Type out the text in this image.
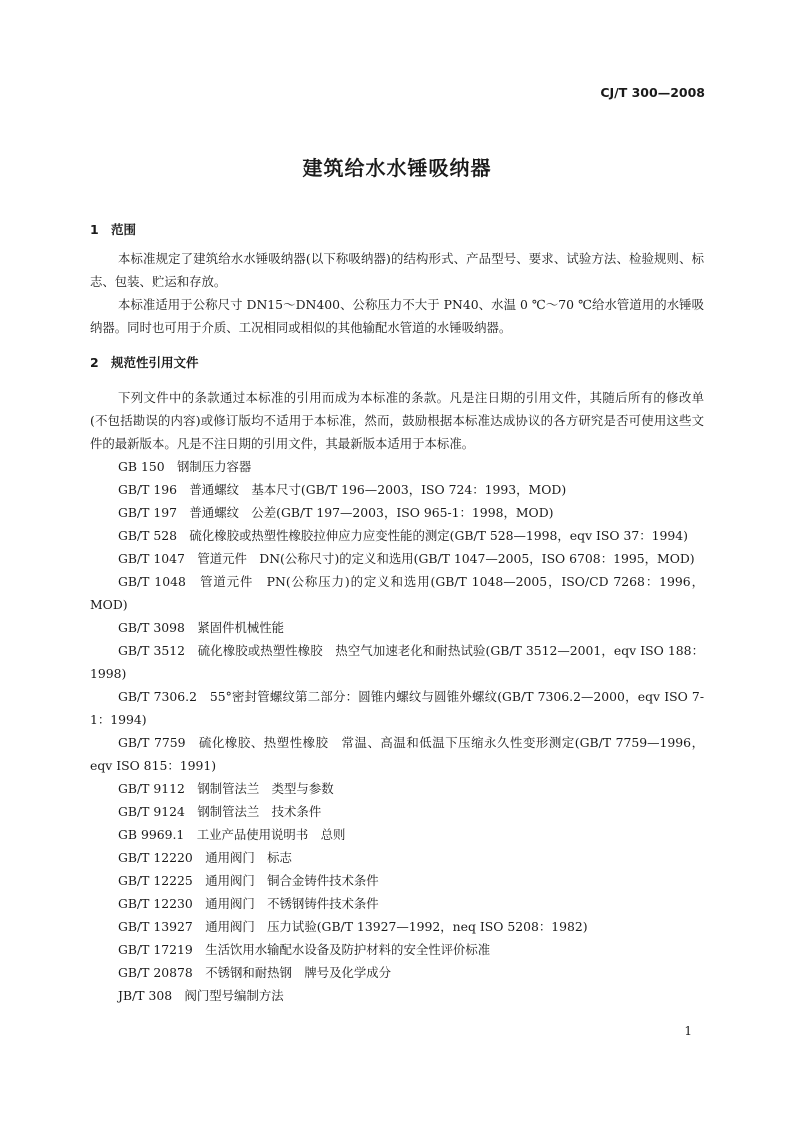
CJ/T 300—2008
建筑给水水锤吸纳器
1 范围

本标准规定了建筑给水水锤吸纳器(以下称吸纳器)的结构形式、产品型号、要求、试验方法、检验规则、标志、包装、贮运和存放。

本标准适用于公称尺寸 DN15～DN400、公称压力不大于 PN40、水温 0 ℃～70 ℃给水管道用的水锤吸纳器。同时也可用于介质、工况相同或相似的其他输配水管道的水锤吸纳器。

2 规范性引用文件

下列文件中的条款通过本标准的引用而成为本标准的条款。凡是注日期的引用文件，其随后所有的修改单(不包括勘误的内容)或修订版均不适用于本标准，然而，鼓励根据本标准达成协议的各方研究是否可使用这些文件的最新版本。凡是不注日期的引用文件，其最新版本适用于本标准。

GB 150　 钢制压力容器
GB/T 196　 普通螺纹　基本尺寸(GB/T 196—2003，ISO 724：1993，MOD)
GB/T 197　 普通螺纹　公差(GB/T 197—2003，ISO 965-1：1998，MOD)
GB/T 528　 硫化橡胶或热塑性橡胶拉伸应力应变性能的测定(GB/T 528—1998，eqv ISO 37：1994)
GB/T 1047　 管道元件　DN(公称尺寸)的定义和选用(GB/T 1047—2005，ISO 6708：1995，MOD)
GB/T 1048　 管道元件　PN(公称压力)的定义和选用(GB/T 1048—2005，ISO/CD 7268：1996，MOD)
GB/T 3098　 紧固件机械性能
GB/T 3512　 硫化橡胶或热塑性橡胶　热空气加速老化和耐热试验(GB/T 3512—2001，eqv ISO 188：1998)
GB/T 7306.2　 55°密封管螺纹第二部分：圆锥内螺纹与圆锥外螺纹(GB/T 7306.2—2000，eqv ISO 7-1：1994)
GB/T 7759　 硫化橡胶、热塑性橡胶　常温、高温和低温下压缩永久性变形测定(GB/T 7759—1996，eqv ISO 815：1991)
GB/T 9112　 钢制管法兰　类型与参数
GB/T 9124　 钢制管法兰　技术条件
GB 9969.1　 工业产品使用说明书　总则
GB/T 12220　 通用阀门　标志
GB/T 12225　 通用阀门　铜合金铸件技术条件
GB/T 12230　 通用阀门　不锈钢铸件技术条件
GB/T 13927　 通用阀门　压力试验(GB/T 13927—1992，neq ISO 5208：1982)
GB/T 17219　 生活饮用水输配水设备及防护材料的安全性评价标准
GB/T 20878　 不锈钢和耐热钢　牌号及化学成分
JB/T 308　 阀门型号编制方法
1
